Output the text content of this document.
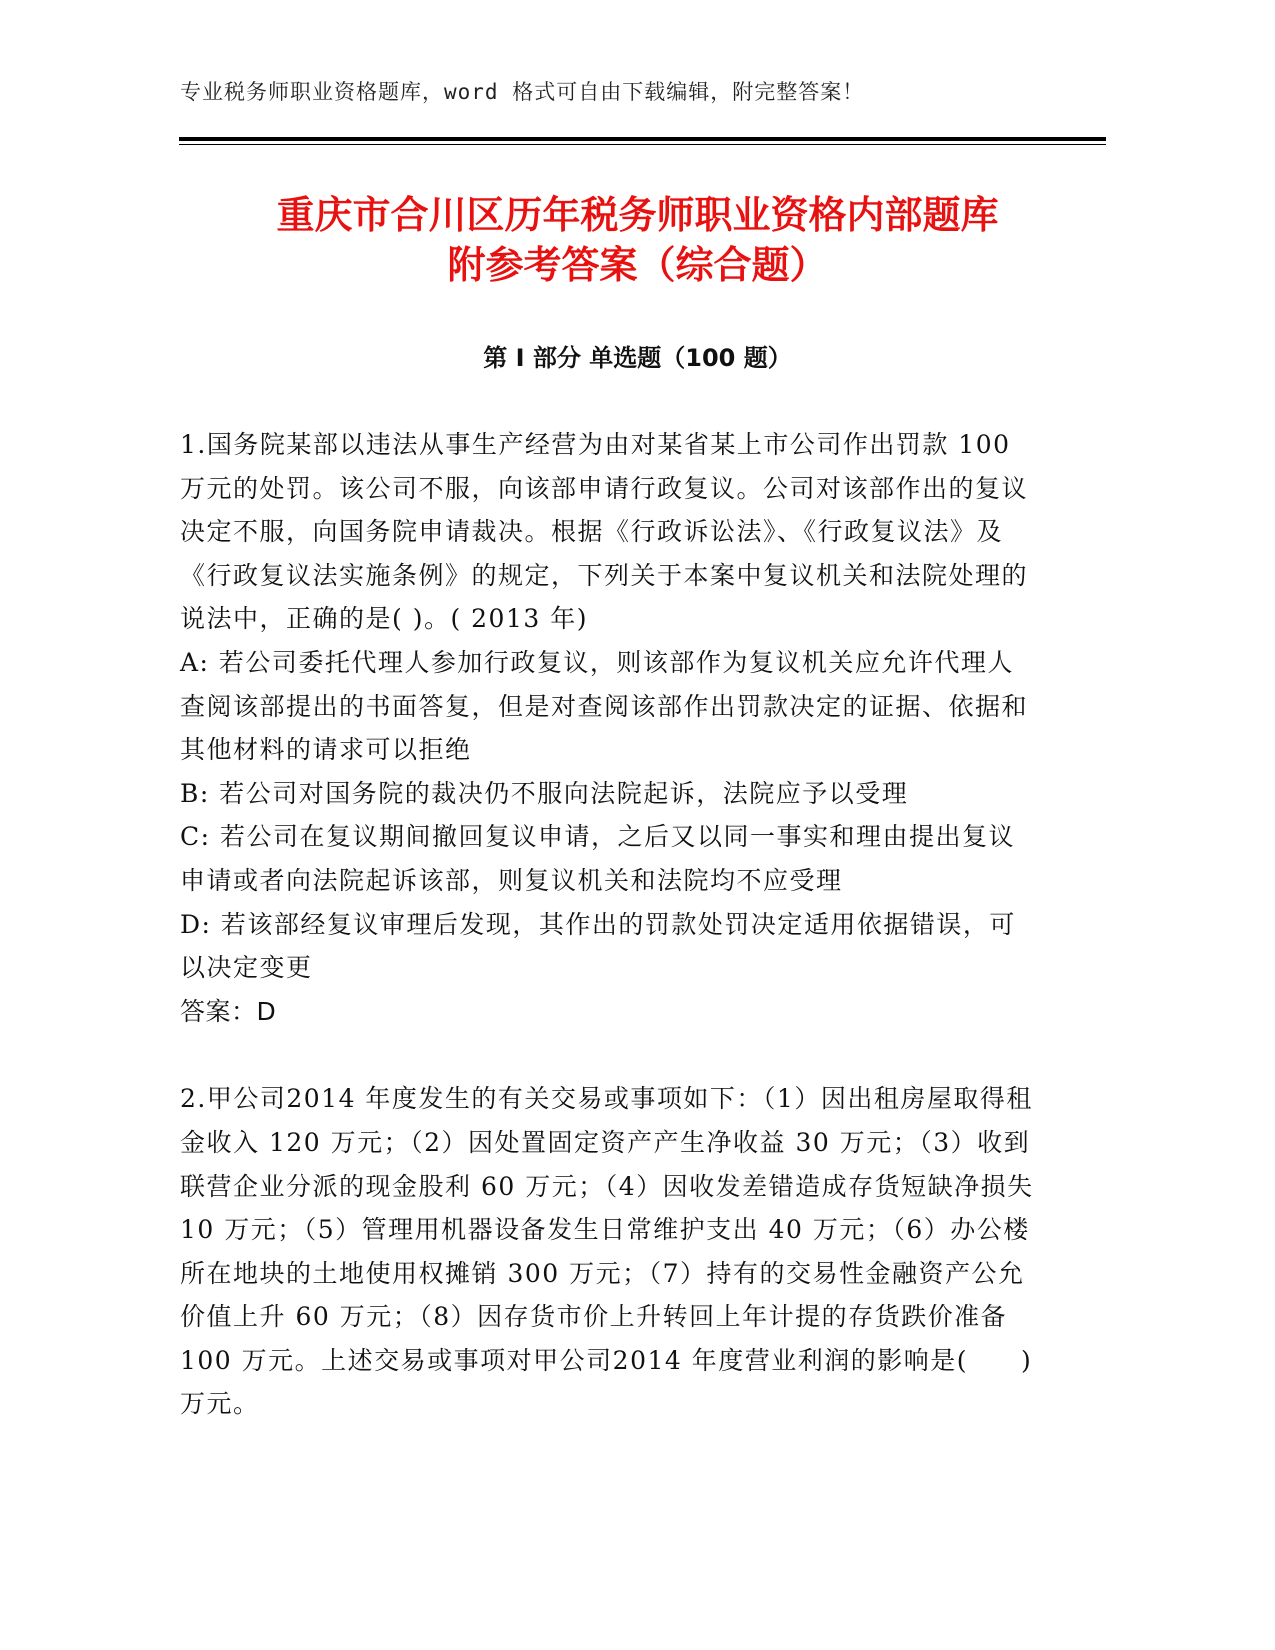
专业税务师职业资格题库，word 格式可自由下载编辑，附完整答案！
重庆市合川区历年税务师职业资格内部题库
附参考答案（综合题）
第 I 部分 单选题（100 题）

1.国务院某部以违法从事生产经营为由对某省某上市公司作出罚款 100 万元的处罚。该公司不服，向该部申请行政复议。公司对该部作出的复议决定不服，向国务院申请裁决。根据《行政诉讼法》、《行政复议法》及《行政复议法实施条例》的规定，下列关于本案中复议机关和法院处理的说法中，正确的是( )。( 2013 年)

A: 若公司委托代理人参加行政复议，则该部作为复议机关应允许代理人查阅该部提出的书面答复，但是对查阅该部作出罚款决定的证据、依据和其他材料的请求可以拒绝

B: 若公司对国务院的裁决仍不服向法院起诉，法院应予以受理

C: 若公司在复议期间撤回复议申请，之后又以同一事实和理由提出复议申请或者向法院起诉该部，则复议机关和法院均不应受理

D: 若该部经复议审理后发现，其作出的罚款处罚决定适用依据错误，可以决定变更

答案：D

2.甲公司2014 年度发生的有关交易或事项如下：（1）因出租房屋取得租金收入 120 万元；（2）因处置固定资产产生净收益 30 万元；（3）收到联营企业分派的现金股利 60 万元；（4）因收发差错造成存货短缺净损失 10 万元；（5）管理用机器设备发生日常维护支出 40 万元；（6）办公楼所在地块的土地使用权摊销 300 万元；（7）持有的交易性金融资产公允价值上升 60 万元；（8）因存货市价上升转回上年计提的存货跌价准备 100 万元。上述交易或事项对甲公司2014 年度营业利润的影响是(　　)万元。
